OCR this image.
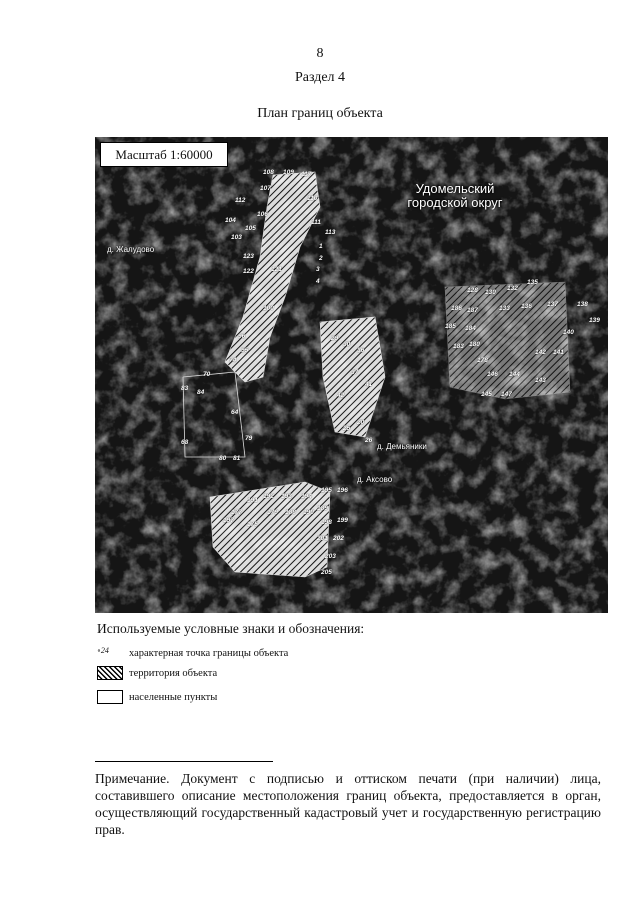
8
Раздел 4
План границ объекта
Масштаб 1:60000
Удомельский городской округ
д. Жалудово
д. Демьяники
д. Аксово
103
104
105
106
112
108 109 117
107
110
111
113
1
2
3
4
123
122	121
100
96
95
74
70
83
84
64
68
80 81
79
29
30
36
37
41
42
20
25
26
128 130
132
135
186 187	133 136 137	138
139
185 184
140
183 180
142 141
178
146 144
143
145 147
191
192 193 194
195 196
177	179 188 190
189
197
175	198 199
201 202
203
205
Используемые условные знаки и обозначения:
∘24	характерная точка границы объекта
территория объекта
населенные пункты
Примечание. Документ с подписью и оттиском печати (при наличии) лица, составившего описание местоположения границ объекта, предоставляется в орган, осуществляющий государственный кадастровый учет и государственную регистрацию прав.
